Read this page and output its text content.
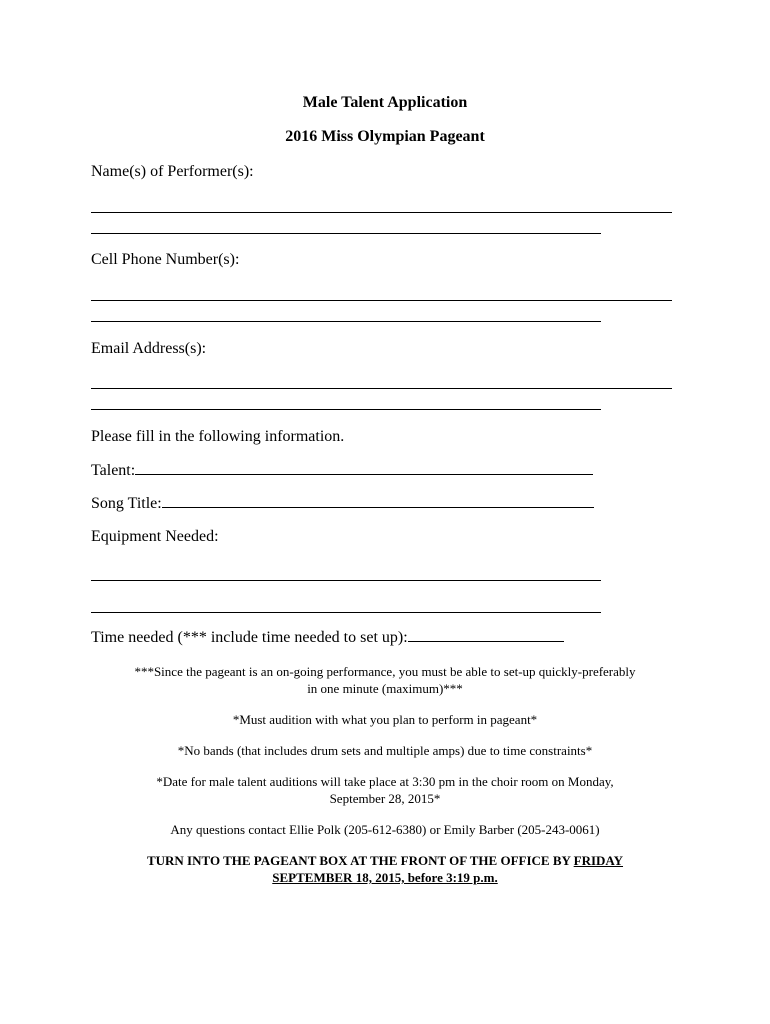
Male Talent Application
2016 Miss Olympian Pageant
Name(s) of Performer(s):
Cell Phone Number(s):
Email Address(s):
Please fill in the following information.
Talent:
Song Title:
Equipment Needed:
Time needed (*** include time needed to set up):
***Since the pageant is an on-going performance, you must be able to set-up quickly-preferably
in one minute (maximum)***
*Must audition with what you plan to perform in pageant*
*No bands (that includes drum sets and multiple amps) due to time constraints*
*Date for male talent auditions will take place at 3:30 pm in the choir room on Monday,
September 28, 2015*
Any questions contact Ellie Polk (205-612-6380) or Emily Barber (205-243-0061)
TURN INTO THE PAGEANT BOX AT THE FRONT OF THE OFFICE BY FRIDAY
SEPTEMBER 18, 2015, before 3:19 p.m.
